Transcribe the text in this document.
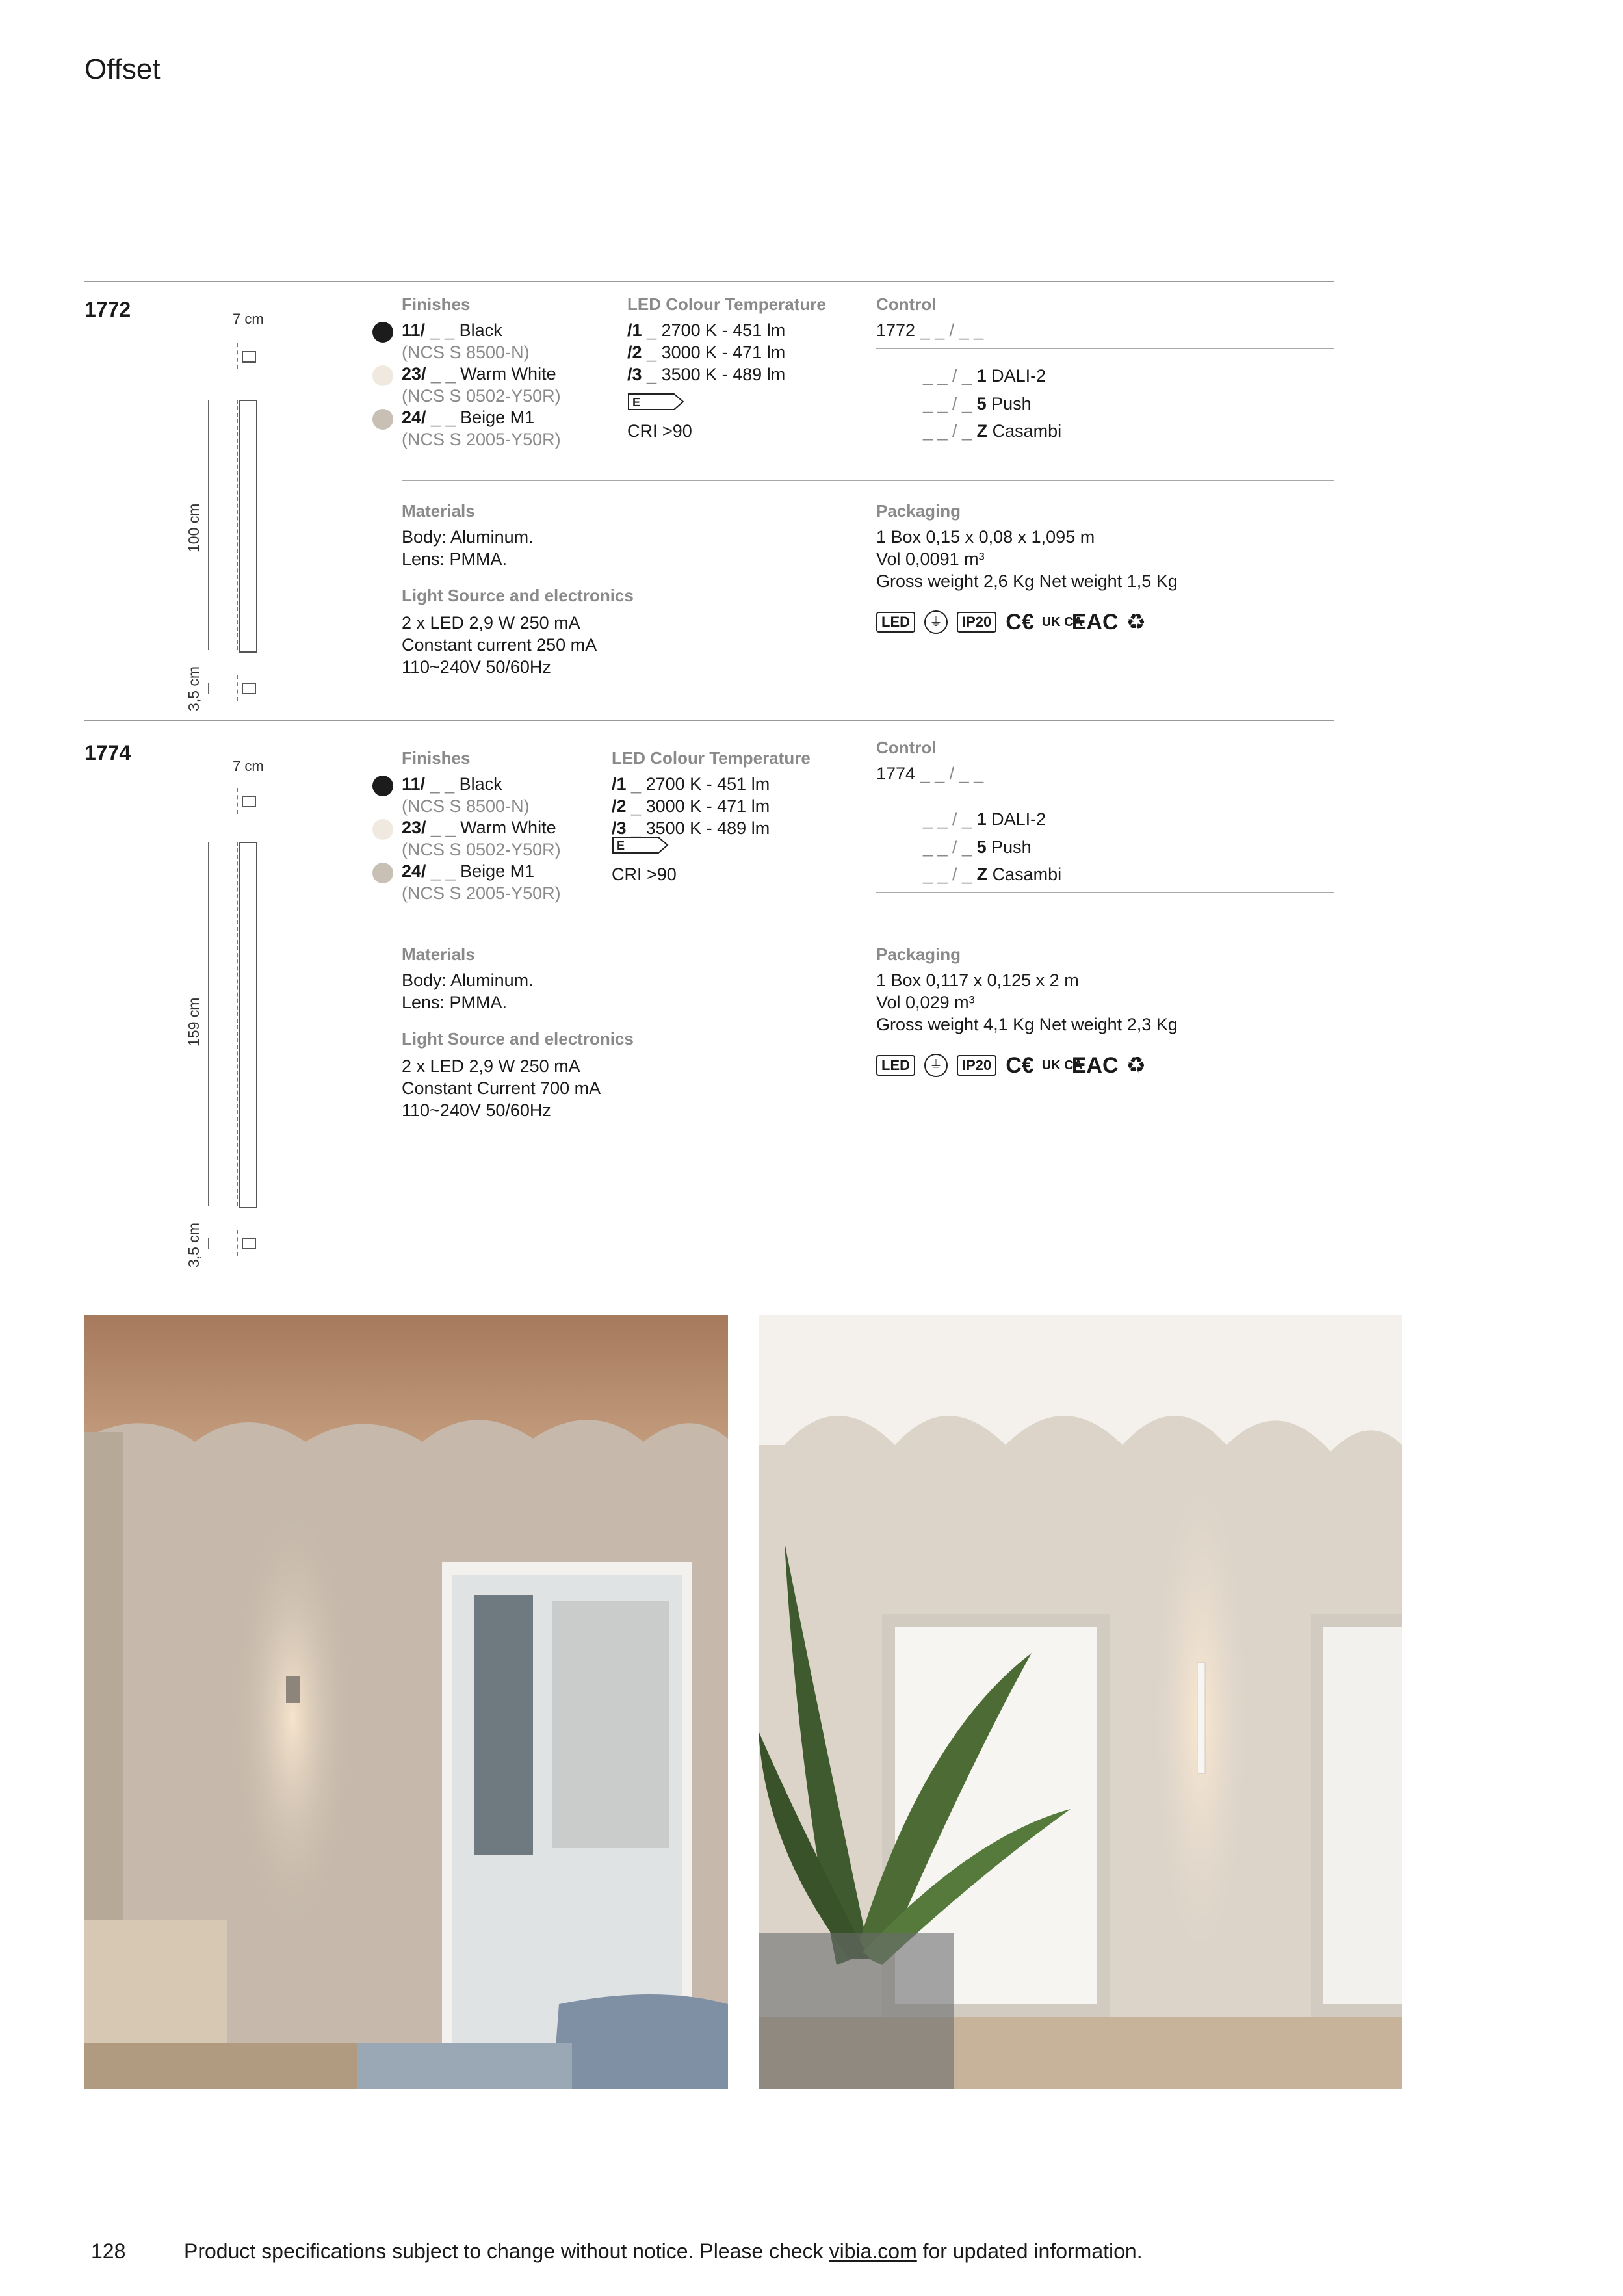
Offset
1772	7 cm
100 cm
3,5 cm
Finishes
11/ _ _ Black
(NCS S 8500-N)
23/ _ _ Warm White
(NCS S 0502-Y50R)
24/ _ _ Beige M1
(NCS S 2005-Y50R)
LED Colour Temperature
/1 _ 2700 K - 451 lm
/2 _ 3000 K - 471 lm
/3 _ 3500 K - 489 lm
E
CRI >90
Control
1772 _ _ / _ _
_ _ / _ 1 DALI-2
_ _ / _ 5 Push
_ _ / _ Z Casambi
Materials
Body: Aluminum.
Lens: PMMA.
Light Source and electronics
2 x LED 2,9 W 250 mA
Constant current 250 mA
110~240V 50/60Hz
Packaging
1 Box 0,15 x 0,08 x 1,095 m
Vol 0,0091 m³
Gross weight 2,6 Kg Net weight 1,5 Kg
LED ⏚ IP20 C€ UK CAEAC ♻
1774
7 cm
159 cm
3,5 cm
Finishes
11/ _ _ Black
(NCS S 8500-N)
23/ _ _ Warm White
(NCS S 0502-Y50R)
24/ _ _ Beige M1
(NCS S 2005-Y50R)
LED Colour Temperature
/1 _ 2700 K - 451 lm
/2 _ 3000 K - 471 lm
/3 _ 3500 K - 489 lm
E
CRI >90
Control
1774 _ _ / _ _
_ _ / _ 1 DALI-2
_ _ / _ 5 Push
_ _ / _ Z Casambi
Materials
Body: Aluminum.
Lens: PMMA.
Light Source and electronics
2 x LED 2,9 W 250 mA
Constant Current 700 mA
110~240V 50/60Hz
Packaging
1 Box 0,117 x 0,125 x 2 m
Vol 0,029 m³
Gross weight 4,1 Kg Net weight 2,3 Kg
LED ⏚ IP20 C€ UK CAEAC ♻
128	Product specifications subject to change without notice. Please check vibia.com for updated information.
